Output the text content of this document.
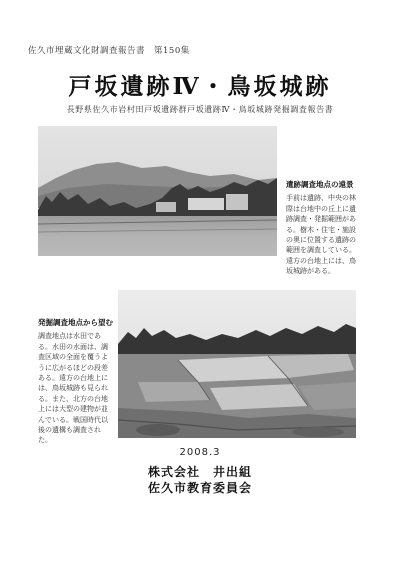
佐久市埋蔵文化財調査報告書　第150集
戸坂遺跡Ⅳ・鳥坂城跡
長野県佐久市岩村田戸坂遺跡群戸坂遺跡Ⅳ・鳥坂城跡発掘調査報告書
遺跡調査地点の遠景
手前は遺跡、中央の林際は台地中の丘上に遺跡調査・発掘範囲がある。樹木・住宅・施設の奥に位置する遺跡の範囲を調査している。遠方の台地上には、鳥坂城跡がある。
発掘調査地点から望む
調査地点は水田である。水田の水面は、調査区域の全面を覆うように広がるほどの段差ある。遠方の台地上には、鳥坂城跡も見られる。また、北方の台地上には大型の建物が並んでいる。戦国時代以後の遺構も調査された。
2008.3
株式会社　井出組
佐久市教育委員会
